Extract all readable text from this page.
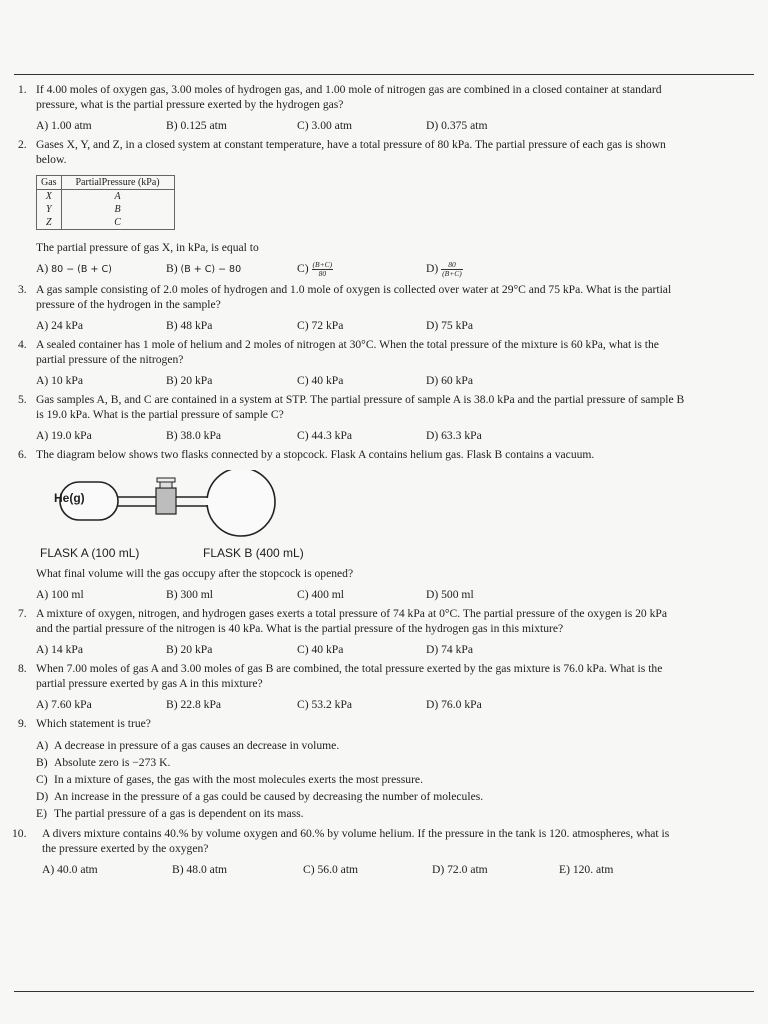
1. If 4.00 moles of oxygen gas, 3.00 moles of hydrogen gas, and 1.00 mole of nitrogen gas are combined in a closed container at standard pressure, what is the partial pressure exerted by the hydrogen gas?
A) 1.00 atm	B) 0.125 atm	C) 3.00 atm	D) 0.375 atm
2. Gases X, Y, and Z, in a closed system at constant temperature, have a total pressure of 80 kPa. The partial pressure of each gas is shown below.
Gas	PartialPressure (kPa)
X	A
Y	B
Z	C
The partial pressure of gas X, in kPa, is equal to
A) 80 − (B + C)	B) (B + C) − 80	$C) \frac{(B+C)}{80}$	$D) \frac{80}{(B+C)}$
3. A gas sample consisting of 2.0 moles of hydrogen and 1.0 mole of oxygen is collected over water at 29°C and 75 kPa. What is the partial pressure of the hydrogen in the sample?
A) 24 kPa	B) 48 kPa	C) 72 kPa	D) 75 kPa
4. A sealed container has 1 mole of helium and 2 moles of nitrogen at 30°C. When the total pressure of the mixture is 60 kPa, what is the partial pressure of the nitrogen?
A) 10 kPa	B) 20 kPa	C) 40 kPa	D) 60 kPa
5. Gas samples A, B, and C are contained in a system at STP. The partial pressure of sample A is 38.0 kPa and the partial pressure of sample B is 19.0 kPa. What is the partial pressure of sample C?
A) 19.0 kPa	B) 38.0 kPa	C) 44.3 kPa	D) 63.3 kPa
6. The diagram below shows two flasks connected by a stopcock. Flask A contains helium gas. Flask B contains a vacuum.
He(g)
FLASK A (100 mL)	FLASK B (400 mL)
What final volume will the gas occupy after the stopcock is opened?
A) 100 ml	B) 300 ml	C) 400 ml	D) 500 ml
7. A mixture of oxygen, nitrogen, and hydrogen gases exerts a total pressure of 74 kPa at 0°C. The partial pressure of the oxygen is 20 kPa and the partial pressure of the nitrogen is 40 kPa. What is the partial pressure of the hydrogen gas in this mixture?
A) 14 kPa	B) 20 kPa	C) 40 kPa	D) 74 kPa
8. When 7.00 moles of gas A and 3.00 moles of gas B are combined, the total pressure exerted by the gas mixture is 76.0 kPa. What is the partial pressure exerted by gas A in this mixture?
A) 7.60 kPa	B) 22.8 kPa	C) 53.2 kPa	D) 76.0 kPa
9. Which statement is true?
A) A decrease in pressure of a gas causes an decrease in volume.
B) Absolute zero is −273 K.
C) In a mixture of gases, the gas with the most molecules exerts the most pressure.
D) An increase in the pressure of a gas could be caused by decreasing the number of molecules.
E) The partial pressure of a gas is dependent on its mass.
10. A divers mixture contains 40.% by volume oxygen and 60.% by volume helium. If the pressure in the tank is 120. atmospheres, what is the pressure exerted by the oxygen?
A) 40.0 atm	B) 48.0 atm	C) 56.0 atm	D) 72.0 atm	E) 120. atm
